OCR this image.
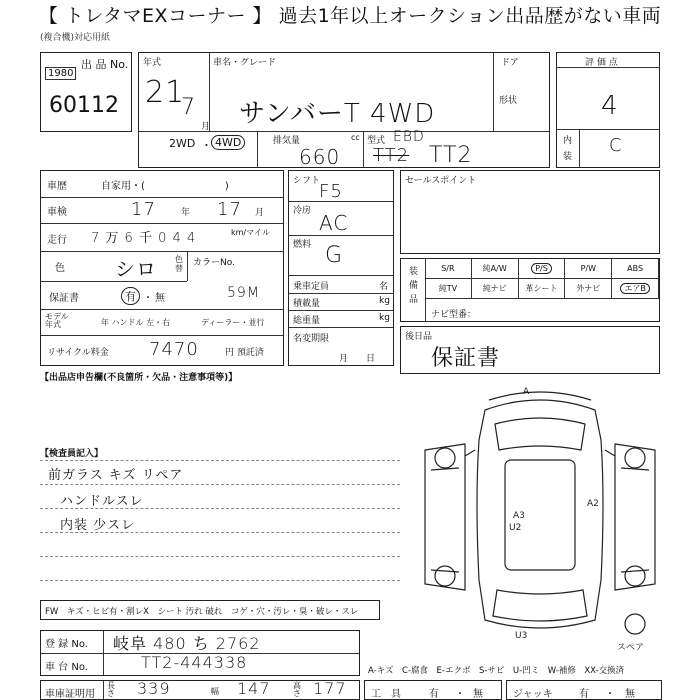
【 トレタマEXコーナー 】 過去1年以上オークション出品歴がない車両
(複合機)対応用紙
出 品 No.
1980
60112
年式
21
7
月
車名・グレード
サンバーT 4WD
ドア
形状
2WD ・ 4WD	排気量	cc
660
型式 EBD
TT2 TT2
評 価 点
4
内
装
C
車歴	自家用・(　　　　　　　　)
車検	17	年 17 月
走行 7 万 6 千 0 4 4	km/マイル
色	シロ 色替
カラーNo.
保証書	有 ・ 無	59M
モデル年式	年 ハンドル 左・右	ディーラー・並行
リサイクル料金 7470	円 預託済
シフト
F5
冷房 AC
燃料 G
乗車定員	名
積載量	kg
総重量	kg
名変期限
月日
セールスポイント
装備品
S/R	純A/W	P/S	P/W	ABS
純TV	純ナビ	革シート	外ナビ	エアB
ナビ型番：
後日品
保証書
【出品店申告欄(不良箇所・欠品・注意事項等)】
【検査員記入】
前ガラス キズ リペア
ハンドルスレ
内装 少スレ
FW　キズ・ヒビ有・割レX　シート 汚れ 破れ　コゲ・穴・汚レ・臭・破レ・スレ
登 録 No. 岐阜 480 ち 2762
車 台 No.	TT2-444338
車庫証明用
長さ 339	幅 147	高さ 177
A-キズ　C-腐食　E-エクボ　S-サビ　U-凹ミ　W-補修　XX-交換済
工　具	有 ・ 無	ジャッキ	有 ・ 無
A
A3
U2
A2
U3
スペア
